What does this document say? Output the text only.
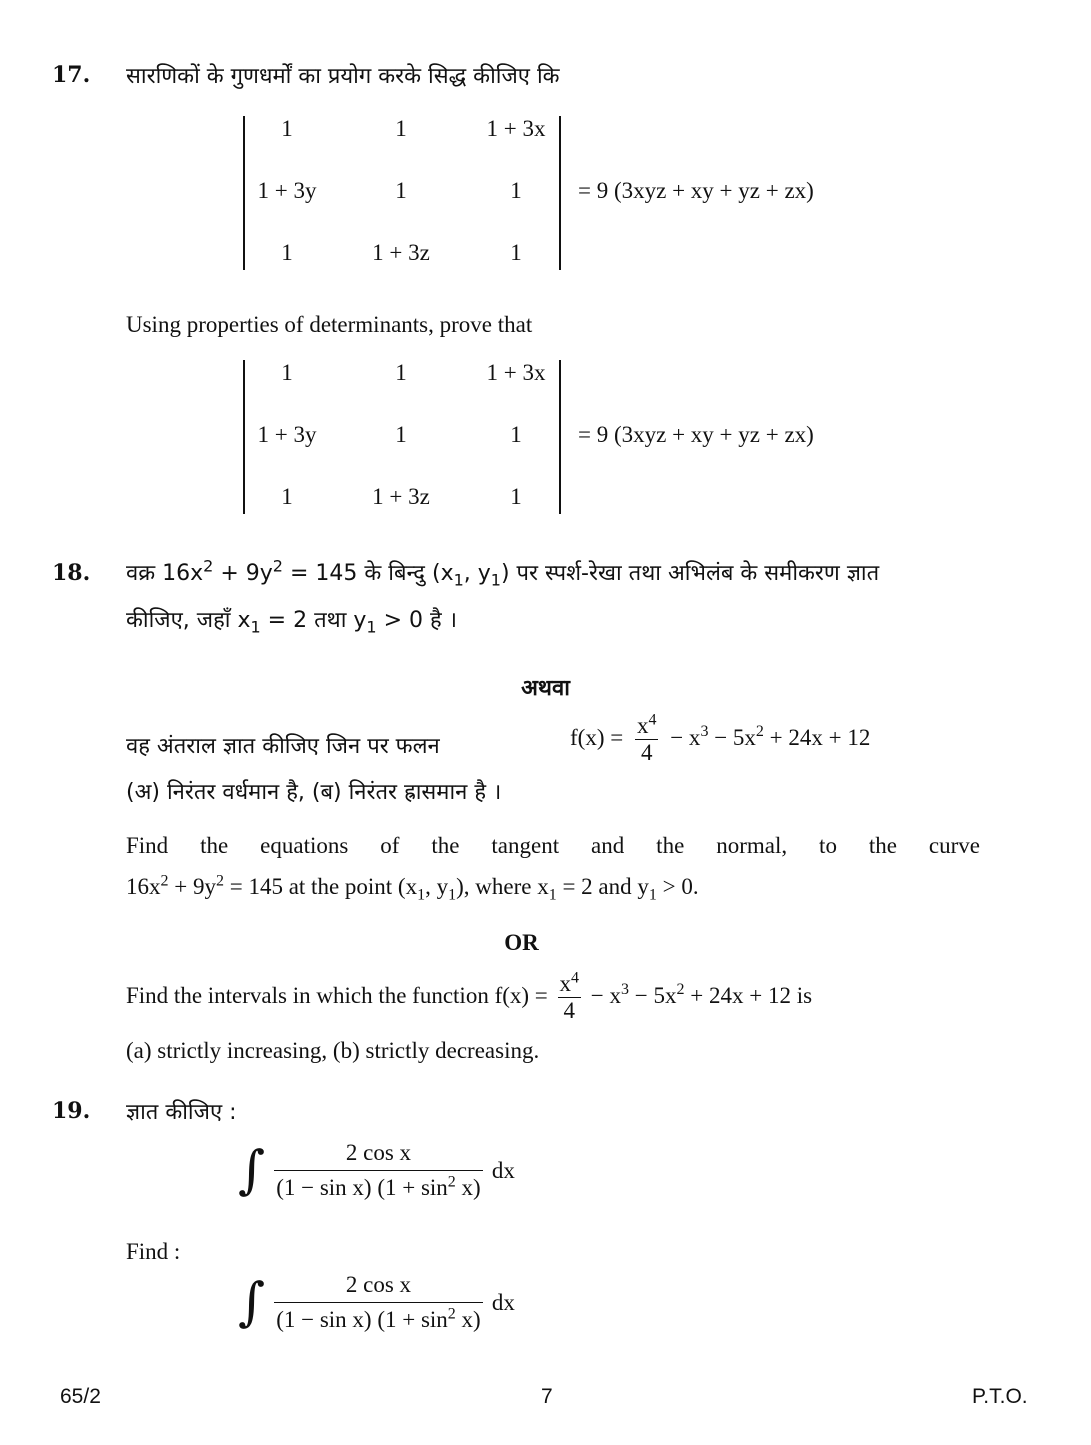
17. सारणिकों के गुणधर्मों का प्रयोग करके सिद्ध कीजिए कि
1	1	1 + 3x
1 + 3y	1	1
1	1 + 3z	1
= 9 (3xyz + xy + yz + zx)
Using properties of determinants, prove that
1	1	1 + 3x
1 + 3y	1	1
1	1 + 3z	1
= 9 (3xyz + xy + yz + zx)
18. वक्र $16x^2 + 9y^2 = 145$ के बिन्दु ($x_1$, $y_1$) पर स्पर्श-रेखा तथा अभिलंब के समीकरण ज्ञात
कीजिए, जहाँ $x_1 = 2$ तथा $y_1 > 0$ है ।
अथवा
वह अंतराल ज्ञात कीजिए जिन पर फलन	$f(x) = \frac{x^4}{4} - x^3 - 5x^2 + 24x + 12$
(अ) निरंतर वर्धमान है, (ब) निरंतर ह्रासमान है ।
Find the equations of the tangent and the normal, to the curve
$16x^2 + 9y^2 = 145$ at the point ($x_1$, $y_1$), where $x_1 = 2$ and $y_1 > 0$.
OR
Find the intervals in which the function $f(x) = \frac{x^4}{4} - x^3 - 5x^2 + 24x + 12$ is
(a) strictly increasing, (b) strictly decreasing.
19. ज्ञात कीजिए :
∫ $\frac{\text{2 cos x}}{(1 - \sin x) (1 + \sin^2 x)}$ dx
Find :
∫ $\frac{\text{2 cos x}}{(1 - \sin x) (1 + \sin^2 x)}$ dx
65/2	7	P.T.O.
